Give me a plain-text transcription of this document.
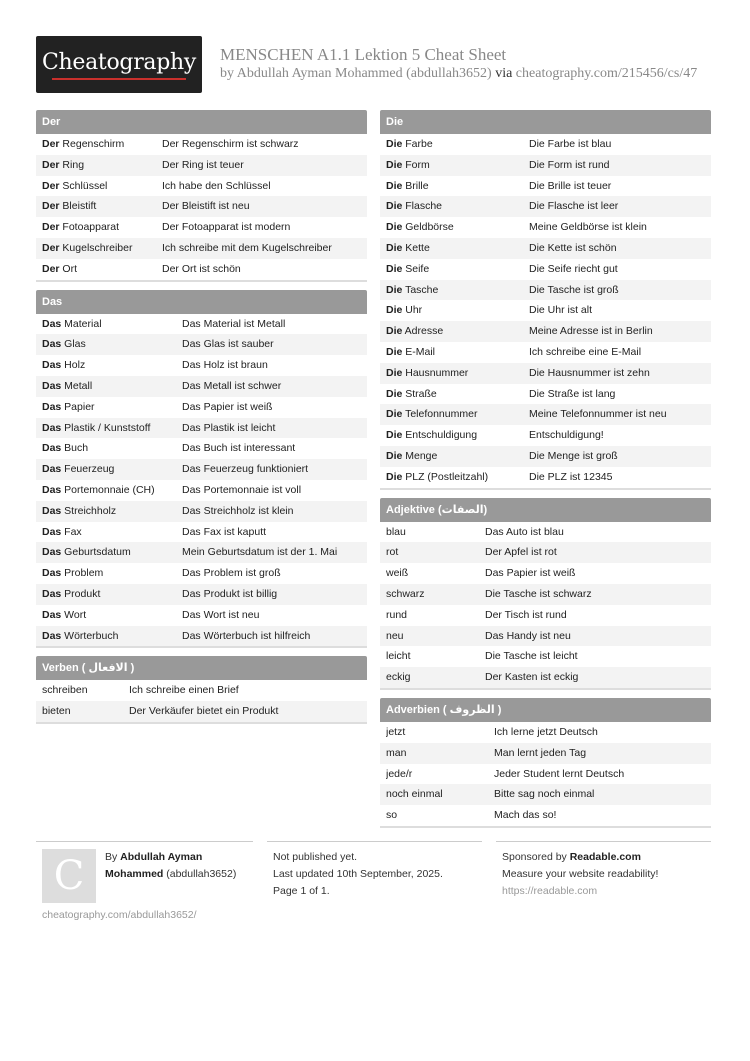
Cheatography	MENSCHEN A1.1 Lektion 5 Cheat Sheet
by Abdullah Ayman Mohammed (abdullah3652) via cheatography.com/215456/cs/47
Der
Der Regenschirm	Der Regenschirm ist schwarz
Der Ring	Der Ring ist teuer
Der Schlüssel	Ich habe den Schlüssel
Der Bleistift	Der Bleistift ist neu
Der Fotoapparat	Der Fotoapparat ist modern
Der Kugelschreiber	Ich schreibe mit dem Kugelschreiber
Der Ort	Der Ort ist schön
Das
Das Material	Das Material ist Metall
Das Glas	Das Glas ist sauber
Das Holz	Das Holz ist braun
Das Metall	Das Metall ist schwer
Das Papier	Das Papier ist weiß
Das Plastik / Kunststoff	Das Plastik ist leicht
Das Buch	Das Buch ist interessant
Das Feuerzeug	Das Feuerzeug funktioniert
Das Portemonnaie (CH)	Das Portemonnaie ist voll
Das Streichholz	Das Streichholz ist klein
Das Fax	Das Fax ist kaputt
Das Geburtsdatum	Mein Geburtsdatum ist der 1. Mai
Das Problem	Das Problem ist groß
Das Produkt	Das Produkt ist billig
Das Wort	Das Wort ist neu
Das Wörterbuch	Das Wörterbuch ist hilfreich
Verben ( الافعال )
schreiben	Ich schreibe einen Brief
bieten	Der Verkäufer bietet ein Produkt
Die
Die Farbe	Die Farbe ist blau
Die Form	Die Form ist rund
Die Brille	Die Brille ist teuer
Die Flasche	Die Flasche ist leer
Die Geldbörse	Meine Geldbörse ist klein
Die Kette	Die Kette ist schön
Die Seife	Die Seife riecht gut
Die Tasche	Die Tasche ist groß
Die Uhr	Die Uhr ist alt
Die Adresse	Meine Adresse ist in Berlin
Die E-Mail	Ich schreibe eine E-Mail
Die Hausnummer	Die Hausnummer ist zehn
Die Straße	Die Straße ist lang
Die Telefonnummer	Meine Telefonnummer ist neu
Die Entschuldigung	Entschuldigung!
Die Menge	Die Menge ist groß
Die PLZ (Postleitzahl)	Die PLZ ist 12345
Adjektive (الصفات)
blau	Das Auto ist blau
rot	Der Apfel ist rot
weiß	Das Papier ist weiß
schwarz	Die Tasche ist schwarz
rund	Der Tisch ist rund
neu	Das Handy ist neu
leicht	Die Tasche ist leicht
eckig	Der Kasten ist eckig
Adverbien ( الظروف )
jetzt	Ich lerne jetzt Deutsch
man	Man lernt jeden Tag
jede/r	Jeder Student lernt Deutsch
noch einmal	Bitte sag noch einmal
so	Mach das so!
C	By Abdullah Ayman
Mohammed (abdullah3652)
cheatography.com/abdullah3652/
Not published yet.
Last updated 10th September, 2025.
Page 1 of 1.
Sponsored by Readable.com
Measure your website readability!
https://readable.com
